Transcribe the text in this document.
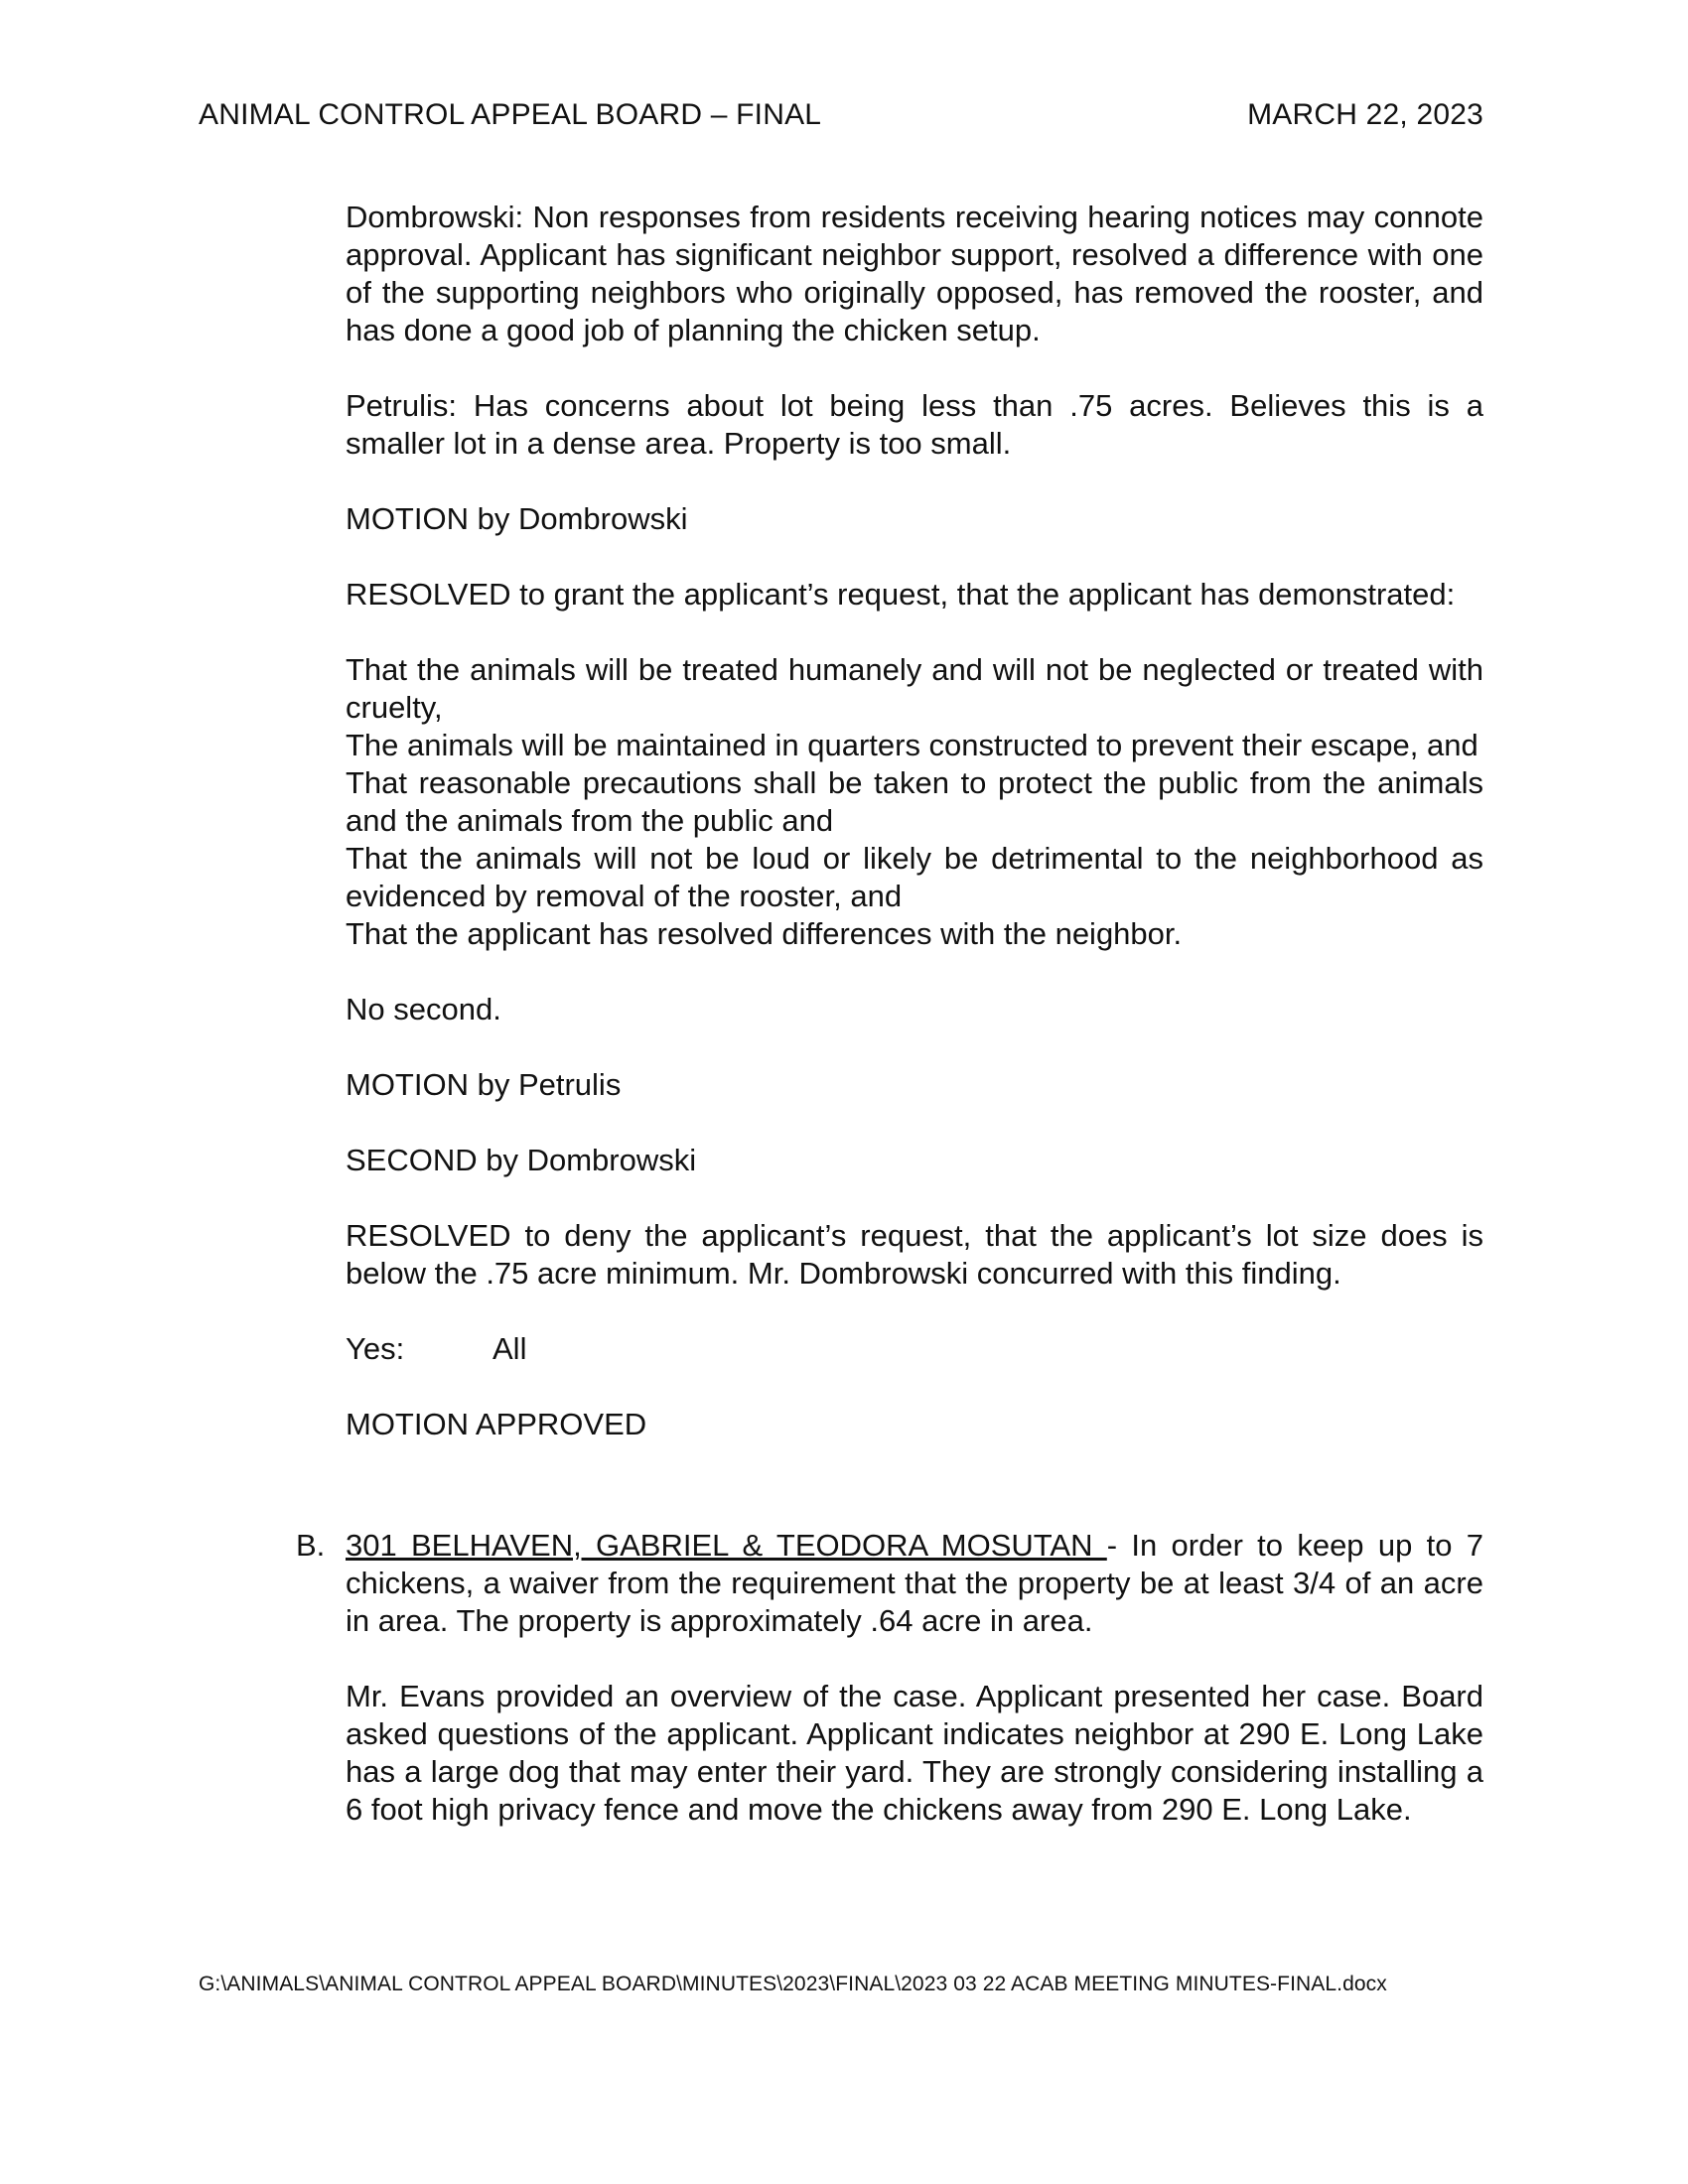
ANIMAL CONTROL APPEAL BOARD – FINAL	MARCH 22, 2023

Dombrowski: Non responses from residents receiving hearing notices may connote approval. Applicant has significant neighbor support, resolved a difference with one of the supporting neighbors who originally opposed, has removed the rooster, and has done a good job of planning the chicken setup.

Petrulis: Has concerns about lot being less than .75 acres. Believes this is a smaller lot in a dense area. Property is too small.

MOTION by Dombrowski

RESOLVED to grant the applicant’s request, that the applicant has demonstrated:

That the animals will be treated humanely and will not be neglected or treated with cruelty,

The animals will be maintained in quarters constructed to prevent their escape, and

That reasonable precautions shall be taken to protect the public from the animals and the animals from the public and

That the animals will not be loud or likely be detrimental to the neighborhood as evidenced by removal of the rooster, and

That the applicant has resolved differences with the neighbor.

No second.

MOTION by Petrulis

SECOND by Dombrowski

RESOLVED to deny the applicant’s request, that the applicant’s lot size does is below the .75 acre minimum. Mr. Dombrowski concurred with this finding.

Yes:	All

MOTION APPROVED

B. 301 BELHAVEN, GABRIEL & TEODORA MOSUTAN - In order to keep up to 7 chickens, a waiver from the requirement that the property be at least 3/4 of an acre in area. The property is approximately .64 acre in area.

Mr. Evans provided an overview of the case. Applicant presented her case. Board asked questions of the applicant. Applicant indicates neighbor at 290 E. Long Lake has a large dog that may enter their yard. They are strongly considering installing a 6 foot high privacy fence and move the chickens away from 290 E. Long Lake.

G:\ANIMALS\ANIMAL CONTROL APPEAL BOARD\MINUTES\2023\FINAL\2023 03 22 ACAB MEETING MINUTES-FINAL.docx
